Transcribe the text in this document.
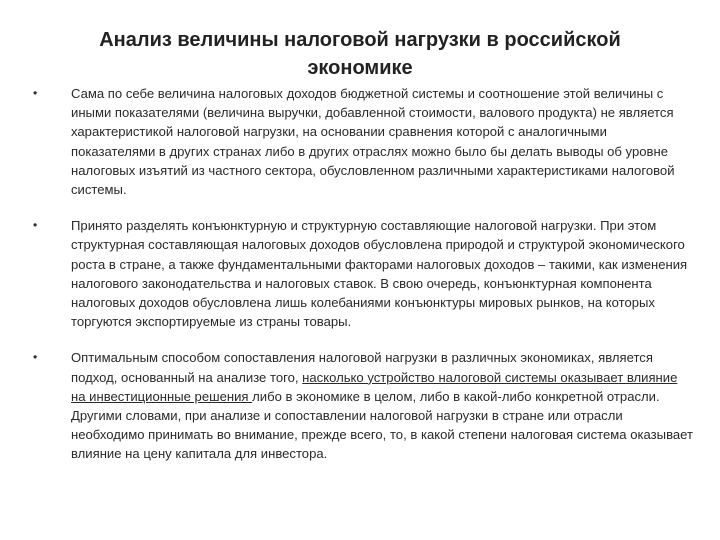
Анализ величины налоговой нагрузки в российской
экономике
•	Сама по себе величина налоговых доходов бюджетной системы и соотношение этой величины с иными показателями (величина выручки, добавленной стоимости, валового продукта) не является характеристикой налоговой нагрузки, на основании сравнения которой с аналогичными показателями в других странах либо в других отраслях можно было бы делать выводы об уровне налоговых изъятий из частного сектора, обусловленном различными характеристиками налоговой системы.
•	Принято разделять конъюнктурную и структурную составляющие налоговой нагрузки. При этом структурная составляющая налоговых доходов обусловлена природой и структурой экономического роста в стране, а также фундаментальными факторами налоговых доходов – такими, как изменения налогового законодательства и налоговых ставок. В свою очередь, конъюнктурная компонента налоговых доходов обусловлена лишь колебаниями конъюнктуры мировых рынков, на которых торгуются экспортируемые из страны товары.
•	Оптимальным способом сопоставления налоговой нагрузки в различных экономиках, является подход, основанный на анализе того, насколько устройство налоговой системы оказывает влияние на инвестиционные решения либо в экономике в целом, либо в какой-либо конкретной отрасли. Другими словами, при анализе и сопоставлении налоговой нагрузки в стране или отрасли необходимо принимать во внимание, прежде всего, то, в какой степени налоговая система оказывает влияние на цену капитала для инвестора.
